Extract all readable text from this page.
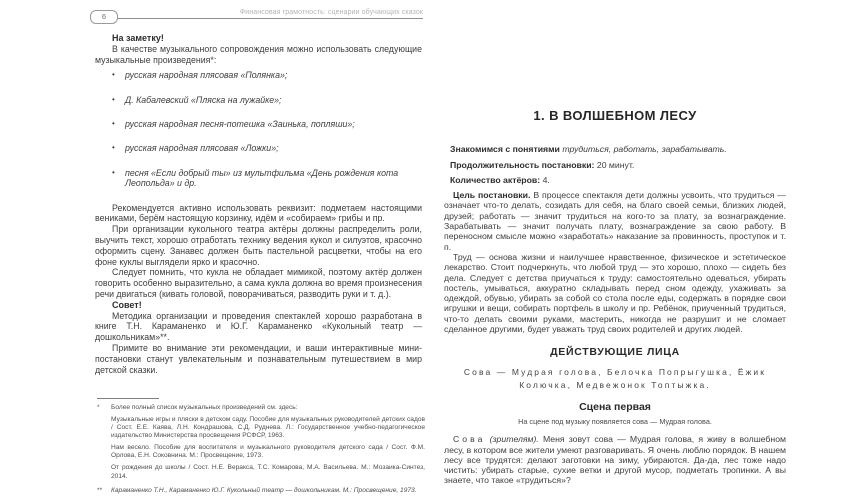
6	Финансовая грамотность: сценарии обучающих сказок

На заметку!

В качестве музыкального сопровождения можно использовать следующие музыкальные произведения*:

• русская народная плясовая «Полянка»;
• Д. Кабалевский «Пляска на лужайке»;
• русская народная песня-потешка «Заинька, попляши»;
• русская народная плясовая «Ложки»;
• песня «Если добрый ты» из мультфильма «День рождения кота Леопольда» и др.

Рекомендуется активно использовать реквизит: подметаем настоящими вениками, берём настоящую корзинку, идём и «собираем» грибы и пр.

При организации кукольного театра актёры должны распределить роли, выучить текст, хорошо отработать технику ведения кукол и силуэтов, красочно оформить сцену. Занавес должен быть пастельной расцветки, чтобы на его фоне куклы выглядели ярко и красочно.

Следует помнить, что кукла не обладает мимикой, поэтому актёр должен говорить особенно выразительно, а сама кукла должна во время произнесения речи двигаться (кивать головой, поворачиваться, разводить руки и т. д.).

Совет!

Методика организации и проведения спектаклей хорошо разработана в книге Т.Н. Караманенко и Ю.Г. Караманенко «Кукольный театр — дошкольникам»**.

Примите во внимание эти рекомендации, и ваши интерактивные мини-постановки станут увлекательным и познавательным путешествием в мир детской сказки.

* Более полный список музыкальных произведений см. здесь:
Музыкальные игры и пляски в детском саду. Пособие для музыкальных руководителей детских садов / Сост. Е.Е. Каява, Л.Н. Кондрашова, С.Д. Руднева. Л.: Государственное учебно-педагогическое издательство Министерства просвещения РСФСР, 1963.
Нам весело. Пособие для воспитателя и музыкального руководителя детского сада / Сост. Ф.М. Орлова, Е.Н. Соковнина. М.: Просвещение, 1973.
От рождения до школы / Сост. Н.Е. Веракса, Т.С. Комарова, М.А. Васильева. М.: Мозаика-Синтез, 2014.
** Караманенко Т.Н., Караманенко Ю.Г. Кукольный театр — дошкольникам. М.: Просвещение, 1973.
1. В ВОЛШЕБНОМ ЛЕСУ

Знакомимся с понятиями трудиться, работать, зарабатывать.

Продолжительность постановки: 20 минут.

Количество актёров: 4.

Цель постановки. В процессе спектакля дети должны усвоить, что трудиться — означает что-то делать, созидать для себя, на благо своей семьи, близких людей, друзей; работать — значит трудиться на кого-то за плату, за вознаграждение. Зарабатывать — значит получать плату, вознаграждение за свою работу. В переносном смысле можно «заработать» наказание за провинность, проступок и т. п.

Труд — основа жизни и наилучшее нравственное, физическое и эстетическое лекарство. Стоит подчеркнуть, что любой труд — это хорошо, плохо — сидеть без дела. Следует с детства приучаться к труду: самостоятельно одеваться, убирать постель, умываться, аккуратно складывать перед сном одежду, ухаживать за одеждой, обувью, убирать за собой со стола после еды, содержать в порядке свои игрушки и вещи, собирать портфель в школу и пр. Ребёнок, приученный трудиться, что-то делать своими руками, мастерить, никогда не разрушит и не сломает сделанное другими, будет уважать труд своих родителей и других людей.

ДЕЙСТВУЮЩИЕ ЛИЦА
Сова — Мудрая голова, Белочка Попрыгушка, Ёжик Колючка, Медвежонок Топтыжка.
Сцена первая
На сцене под музыку появляется сова — Мудрая голова.

Сова (зрителям). Меня зовут сова — Мудрая голова, я живу в волшебном лесу, в котором все жители умеют разговаривать. Я очень люблю порядок. В нашем лесу все трудятся: делают заготовки на зиму, убираются. Да-да, лес тоже надо чистить: убирать старые, сухие ветки и другой мусор, подметать тропинки. А вы знаете, что такое «трудиться»?
